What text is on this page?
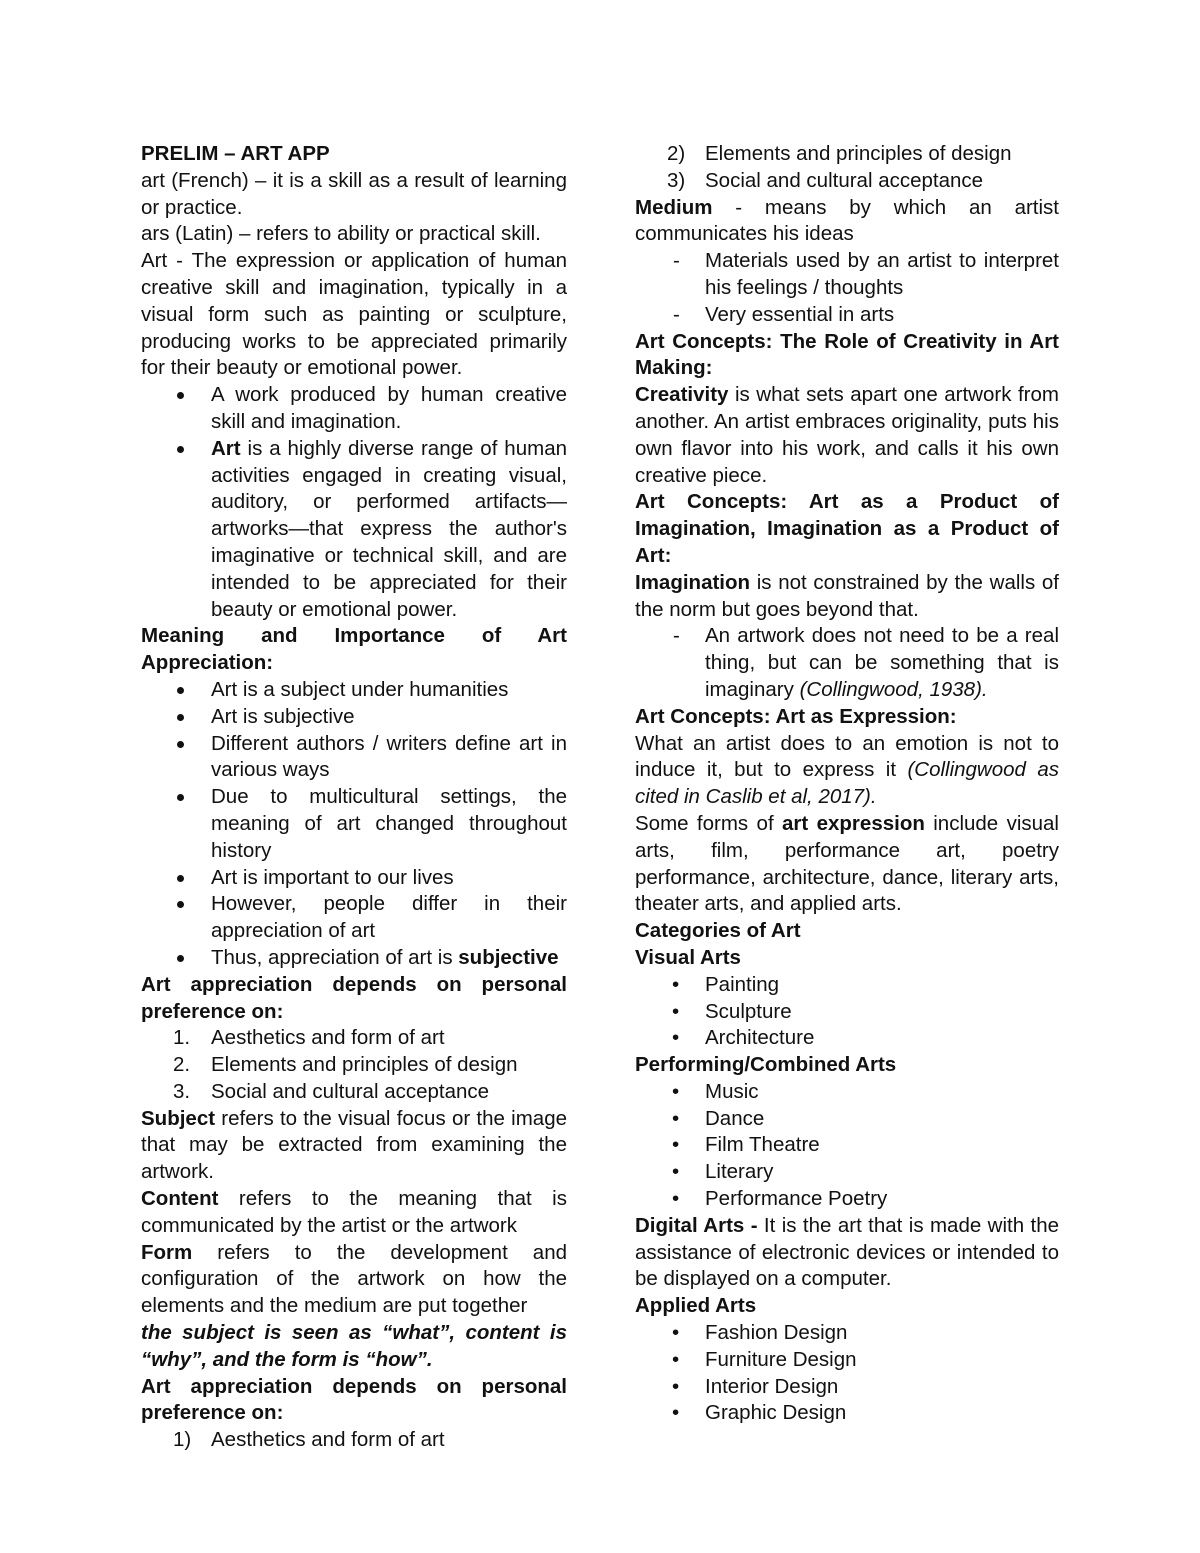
PRELIM – ART APP

art (French) – it is a skill as a result of learning or practice.

ars (Latin) – refers to ability or practical skill.

Art - The expression or application of human creative skill and imagination, typically in a visual form such as painting or sculpture, producing works to be appreciated primarily for their beauty or emotional power.

A work produced by human creative skill and imagination.
Art is a highly diverse range of human activities engaged in creating visual, auditory, or performed artifacts—artworks—that express the author's imaginative or technical skill, and are intended to be appreciated for their beauty or emotional power.

Meaning and Importance of Art Appreciation:

Art is a subject under humanities
Art is subjective
Different authors / writers define art in various ways
Due to multicultural settings, the meaning of art changed throughout history
Art is important to our lives
However, people differ in their appreciation of art
Thus, appreciation of art is subjective

Art appreciation depends on personal preference on:

1. Aesthetics and form of art
2. Elements and principles of design
3. Social and cultural acceptance

Subject refers to the visual focus or the image that may be extracted from examining the artwork.

Content refers to the meaning that is communicated by the artist or the artwork

Form refers to the development and configuration of the artwork on how the elements and the medium are put together

the subject is seen as “what”, content is “why”, and the form is “how”.

Art appreciation depends on personal preference on:

1) Aesthetics and form of art
2) Elements and principles of design
3) Social and cultural acceptance

Medium - means by which an artist communicates his ideas

- Materials used by an artist to interpret his feelings / thoughts
- Very essential in arts

Art Concepts: The Role of Creativity in Art Making:

Creativity is what sets apart one artwork from another. An artist embraces originality, puts his own flavor into his work, and calls it his own creative piece.

Art Concepts: Art as a Product of Imagination, Imagination as a Product of Art:

Imagination is not constrained by the walls of the norm but goes beyond that.

- An artwork does not need to be a real thing, but can be something that is imaginary (Collingwood, 1938).

Art Concepts: Art as Expression:

What an artist does to an emotion is not to induce it, but to express it (Collingwood as cited in Caslib et al, 2017).

Some forms of art expression include visual arts, film, performance art, poetry performance, architecture, dance, literary arts, theater arts, and applied arts.

Categories of Art

Visual Arts

• Painting
• Sculpture
• Architecture

Performing/Combined Arts

• Music
• Dance
• Film Theatre
• Literary
• Performance Poetry

Digital Arts - It is the art that is made with the assistance of electronic devices or intended to be displayed on a computer.

Applied Arts

• Fashion Design
• Furniture Design
• Interior Design
• Graphic Design
